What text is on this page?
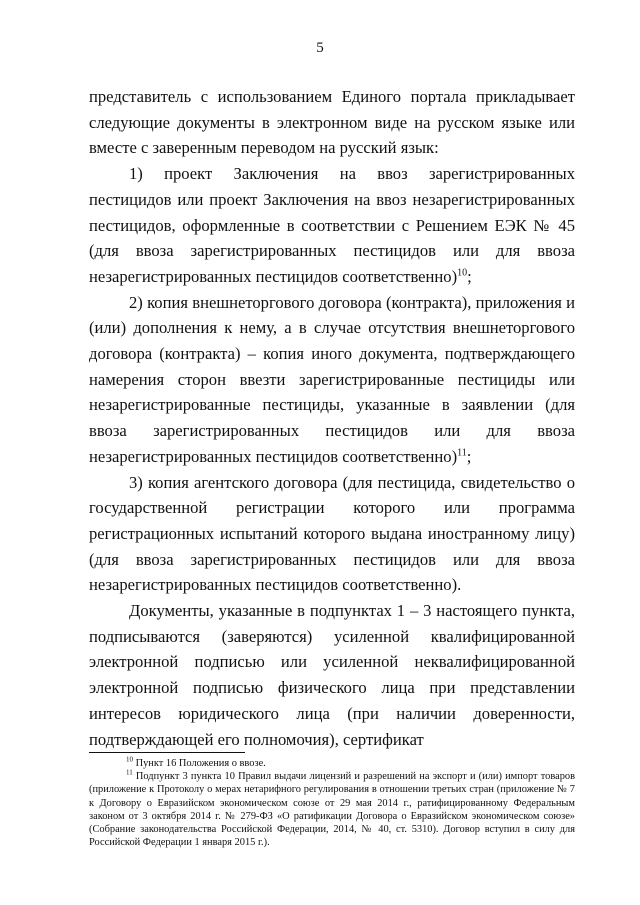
5

представитель с использованием Единого портала прикладывает следующие документы в электронном виде на русском языке или вместе с заверенным переводом на русский язык:

1) проект Заключения на ввоз зарегистрированных пестицидов или проект Заключения на ввоз незарегистрированных пестицидов, оформленные в соответствии с Решением ЕЭК № 45 (для ввоза зарегистрированных пестицидов или для ввоза незарегистрированных пестицидов соответственно)$^{10}$;

2) копия внешнеторгового договора (контракта), приложения и (или) дополнения к нему, а в случае отсутствия внешнеторгового договора (контракта) – копия иного документа, подтверждающего намерения сторон ввезти зарегистрированные пестициды или незарегистрированные пестициды, указанные в заявлении (для ввоза зарегистрированных пестицидов или для ввоза незарегистрированных пестицидов соответственно)$^{11}$;

3) копия агентского договора (для пестицида, свидетельство о государственной регистрации которого или программа регистрационных испытаний которого выдана иностранному лицу) (для ввоза зарегистрированных пестицидов или для ввоза незарегистрированных пестицидов соответственно).

Документы, указанные в подпунктах 1 – 3 настоящего пункта, подписываются (заверяются) усиленной квалифицированной электронной подписью или усиленной неквалифицированной электронной подписью физического лица при представлении интересов юридического лица (при наличии доверенности, подтверждающей его полномочия), сертификат

$^{10}$ Пункт 16 Положения о ввозе.

$^{11}$ Подпункт 3 пункта 10 Правил выдачи лицензий и разрешений на экспорт и (или) импорт товаров (приложение к Протоколу о мерах нетарифного регулирования в отношении третьих стран (приложение № 7 к Договору о Евразийском экономическом союзе от 29 мая 2014 г., ратифицированному Федеральным законом от 3 октября 2014 г. № 279-ФЗ «О ратификации Договора о Евразийском экономическом союзе» (Собрание законодательства Российской Федерации, 2014, № 40, ст. 5310). Договор вступил в силу для Российской Федерации 1 января 2015 г.).
